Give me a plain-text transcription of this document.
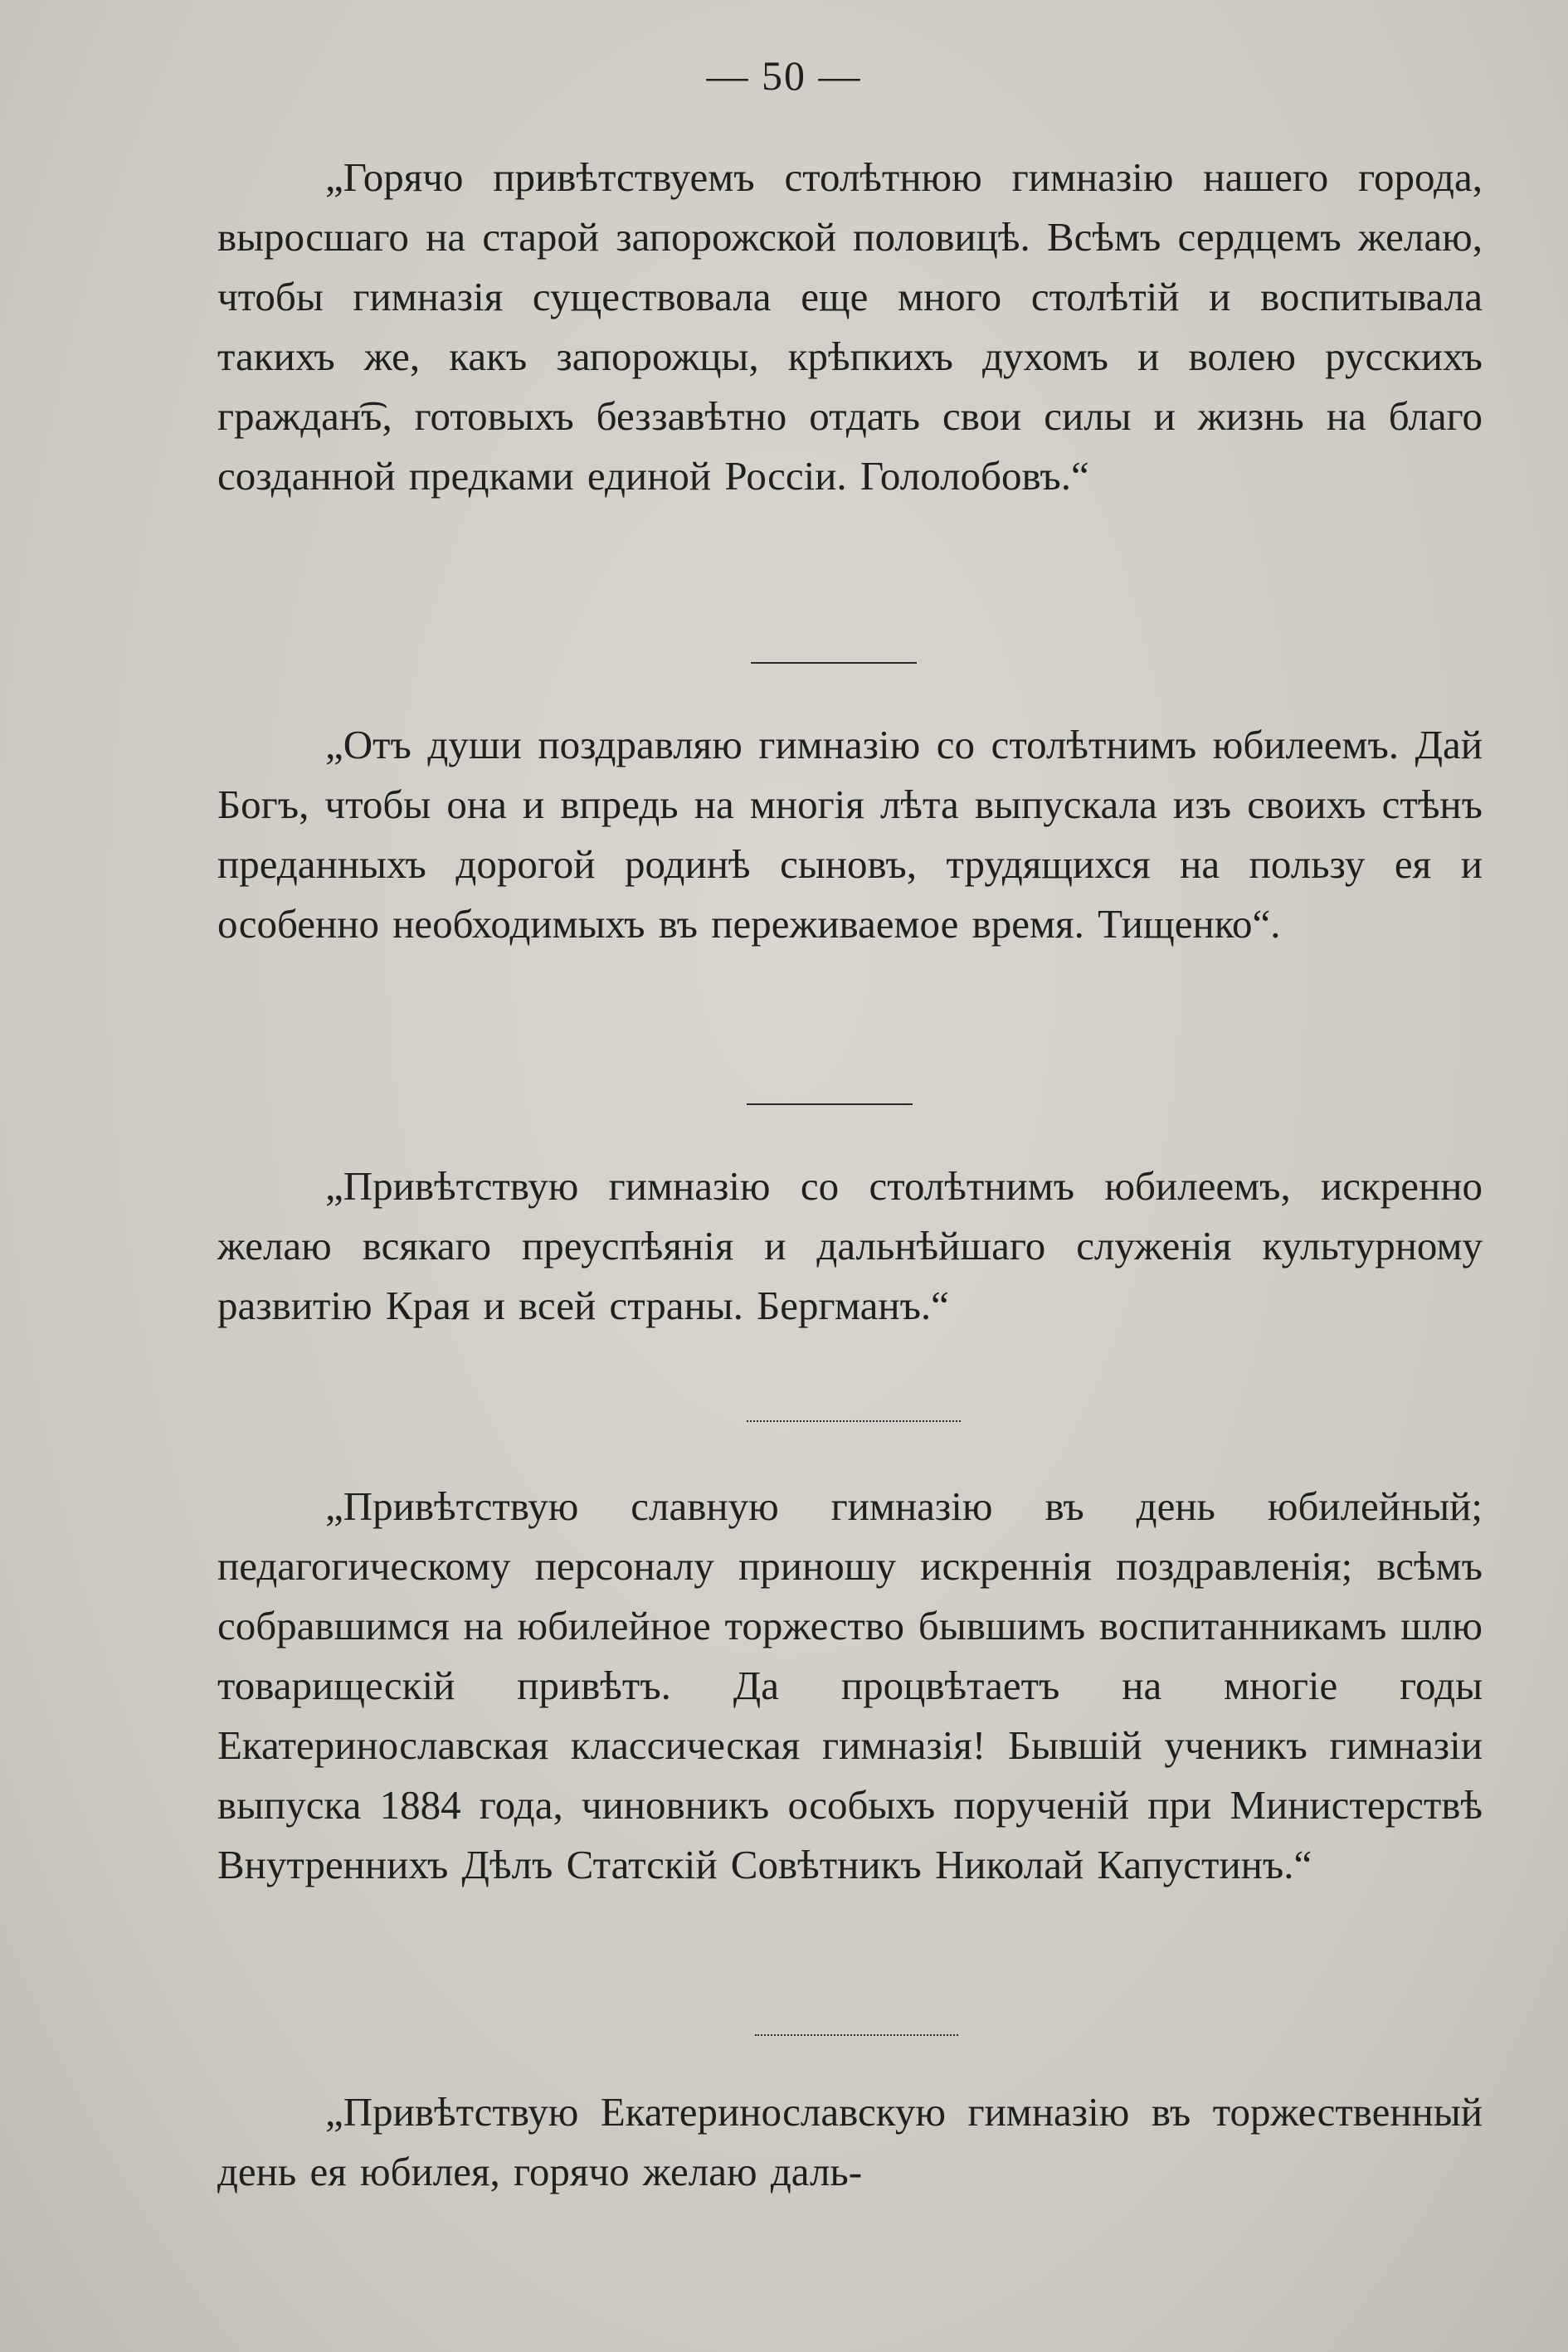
— 50 —

„Горячо привѣтствуемъ столѣтнюю гимназію нашего города, выросшаго на старой запорожской половицѣ. Всѣмъ сердцемъ желаю, чтобы гимназія существовала еще много столѣтій и воспитывала такихъ же, какъ запорожцы, крѣпкихъ духомъ и волею русскихъ граждан͡ъ, готовыхъ беззавѣтно отдать свои силы и жизнь на благо созданной предками единой Россіи. Гололобовъ.“

„Отъ души поздравляю гимназію со столѣтнимъ юбилеемъ. Дай Богъ, чтобы она и впредь на многія лѣта выпускала изъ своихъ стѣнъ преданныхъ дорогой родинѣ сыновъ, трудящихся на пользу ея и особенно необходимыхъ въ переживаемое время. Тищенко“.

„Привѣтствую гимназію со столѣтнимъ юбилеемъ, искренно желаю всякаго преуспѣянія и дальнѣйшаго служенія культурному развитію Края и всей страны. Бергманъ.“

„Привѣтствую славную гимназію въ день юбилейный; педагогическому персоналу приношу искреннія поздравленія; всѣмъ собравшимся на юбилейное торжество бывшимъ воспитанникамъ шлю товарищескій привѣтъ. Да процвѣтаетъ на многіе годы Екатеринославская классическая гимназія! Бывшій ученикъ гимназіи выпуска 1884 года, чиновникъ особыхъ порученій при Министерствѣ Внутреннихъ Дѣлъ Статскій Совѣтникъ Николай Капустинъ.“

„Привѣтствую Екатеринославскую гимназію въ торжественный день ея юбилея, горячо желаю даль-
